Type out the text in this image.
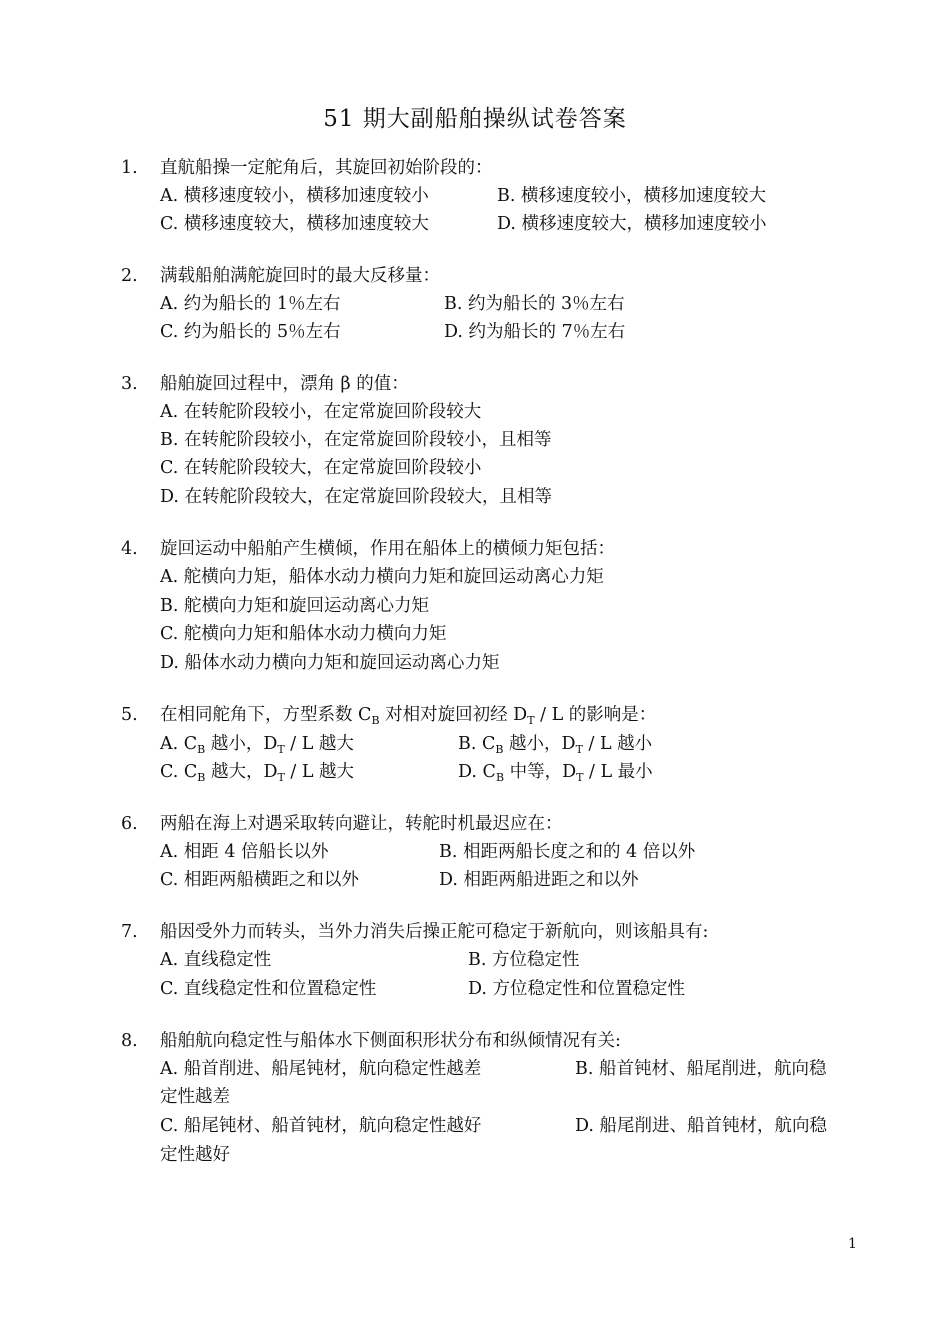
51 期大副船舶操纵试卷答案
1. 直航船操一定舵角后，其旋回初始阶段的：
A. 横移速度较小，横移加速度较小	B. 横移速度较小，横移加速度较大
C. 横移速度较大，横移加速度较大	D. 横移速度较大，横移加速度较小
2. 满载船舶满舵旋回时的最大反移量：
A. 约为船长的 1％左右	B. 约为船长的 3％左右
C. 约为船长的 5％左右	D. 约为船长的 7％左右
3. 船舶旋回过程中，漂角 β 的值：
A. 在转舵阶段较小，在定常旋回阶段较大
B. 在转舵阶段较小，在定常旋回阶段较小，且相等
C. 在转舵阶段较大，在定常旋回阶段较小
D. 在转舵阶段较大，在定常旋回阶段较大，且相等
4. 旋回运动中船舶产生横倾，作用在船体上的横倾力矩包括：
A. 舵横向力矩，船体水动力横向力矩和旋回运动离心力矩
B. 舵横向力矩和旋回运动离心力矩
C. 舵横向力矩和船体水动力横向力矩
D. 船体水动力横向力矩和旋回运动离心力矩
5. 在相同舵角下，方型系数 $C_B$ 对相对旋回初经 $D_T$ / L 的影响是：
A. $C_B$ 越小，$D_T$ / L 越大	B. $C_B$ 越小，$D_T$ / L 越小
C. $C_B$ 越大，$D_T$ / L 越大	D. $C_B$ 中等，$D_T$ / L 最小
6. 两船在海上对遇采取转向避让，转舵时机最迟应在：
A. 相距 4 倍船长以外	B. 相距两船长度之和的 4 倍以外
C. 相距两船横距之和以外	D. 相距两船进距之和以外
7. 船因受外力而转头，当外力消失后操正舵可稳定于新航向，则该船具有:
A. 直线稳定性	B. 方位稳定性
C. 直线稳定性和位置稳定性	D. 方位稳定性和位置稳定性
8. 船舶航向稳定性与船体水下侧面积形状分布和纵倾情况有关:
A. 船首削进、船尾钝材，航向稳定性越差	B. 船首钝材、船尾削进，航向稳
定性越差
C. 船尾钝材、船首钝材，航向稳定性越好	D. 船尾削进、船首钝材，航向稳
定性越好
1
